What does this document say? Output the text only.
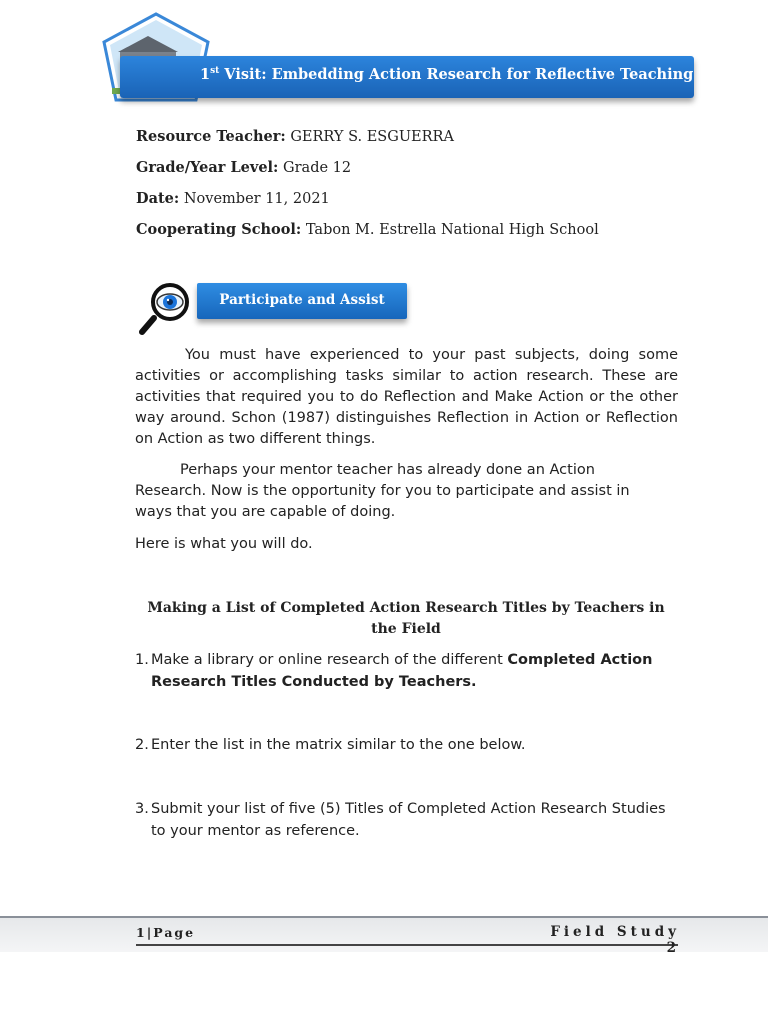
1st Visit: Embedding Action Research for Reflective Teaching
Resource Teacher: GERRY S. ESGUERRA
Grade/Year Level: Grade 12
Date: November 11, 2021
Cooperating School: Tabon M. Estrella National High School
Participate and Assist
You must have experienced to your past subjects, doing some activities or accomplishing tasks similar to action research. These are activities that required you to do Reflection and Make Action or the other way around. Schon (1987) distinguishes Reflection in Action or Reflection on Action as two different things.
Perhaps your mentor teacher has already done an Action Research. Now is the opportunity for you to participate and assist in ways that you are capable of doing.
Here is what you will do.
Making a List of Completed Action Research Titles by Teachers in the Field
1. Make a library or online research of the different Completed Action Research Titles Conducted by Teachers.
2. Enter the list in the matrix similar to the one below.
3. Submit your list of five (5) Titles of Completed Action Research Studies to your mentor as reference.
1|Page	Field Study 2
